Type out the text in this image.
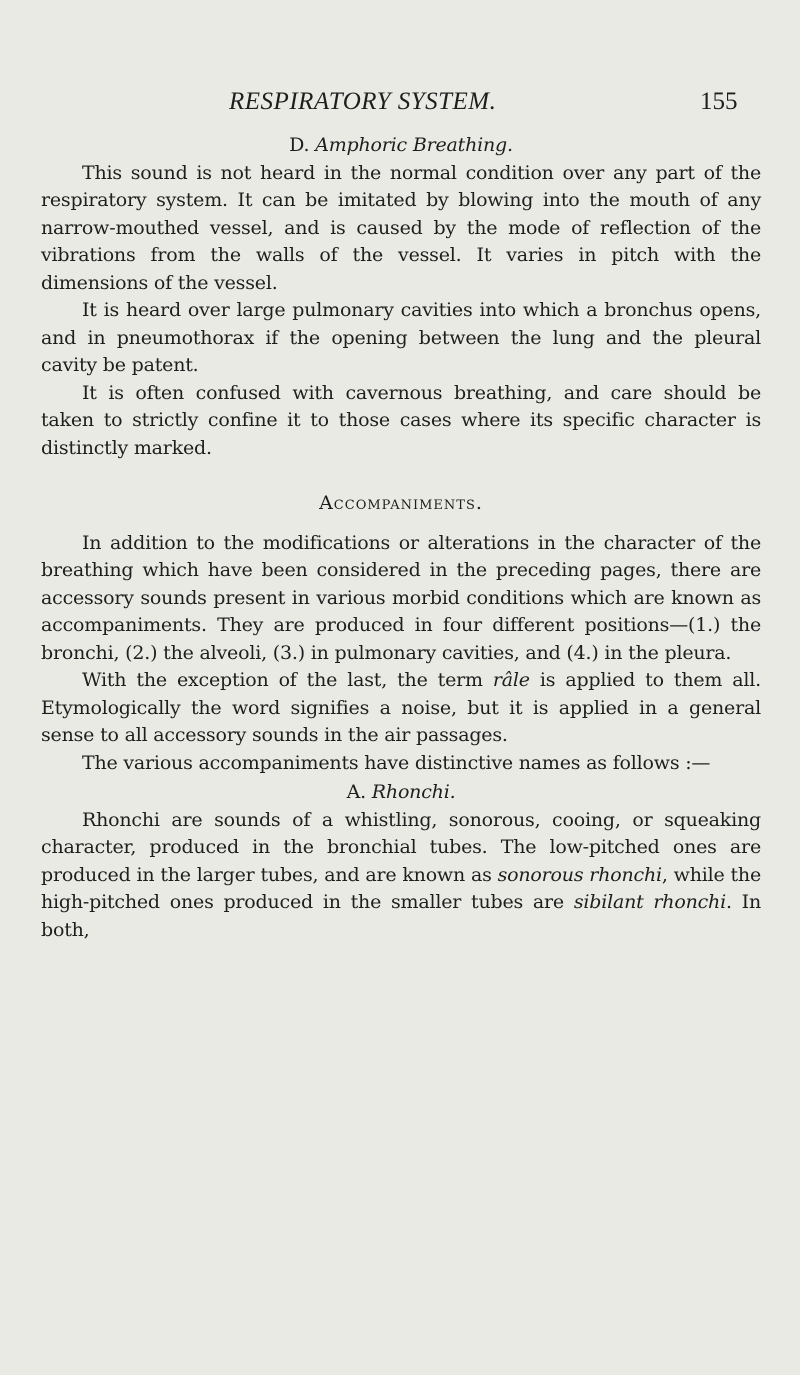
RESPIRATORY SYSTEM.	155
D. Amphoric Breathing.

This sound is not heard in the normal condition over any part of the respiratory system. It can be imitated by blowing into the mouth of any narrow-mouthed vessel, and is caused by the mode of reflection of the vibrations from the walls of the vessel. It varies in pitch with the dimensions of the vessel.

It is heard over large pulmonary cavities into which a bronchus opens, and in pneumothorax if the opening between the lung and the pleural cavity be patent.

It is often confused with cavernous breathing, and care should be taken to strictly confine it to those cases where its specific character is distinctly marked.

Accompaniments.

In addition to the modifications or alterations in the character of the breathing which have been considered in the preceding pages, there are accessory sounds present in various morbid conditions which are known as accompaniments. They are produced in four different positions—(1.) the bronchi, (2.) the alveoli, (3.) in pulmonary cavities, and (4.) in the pleura.

With the exception of the last, the term râle is applied to them all. Etymologically the word signifies a noise, but it is applied in a general sense to all accessory sounds in the air passages.

The various accompaniments have distinctive names as follows :—

A. Rhonchi.

Rhonchi are sounds of a whistling, sonorous, cooing, or squeaking character, produced in the bronchial tubes. The low-pitched ones are produced in the larger tubes, and are known as sonorous rhonchi, while the high-pitched ones produced in the smaller tubes are sibilant rhonchi. In both,
